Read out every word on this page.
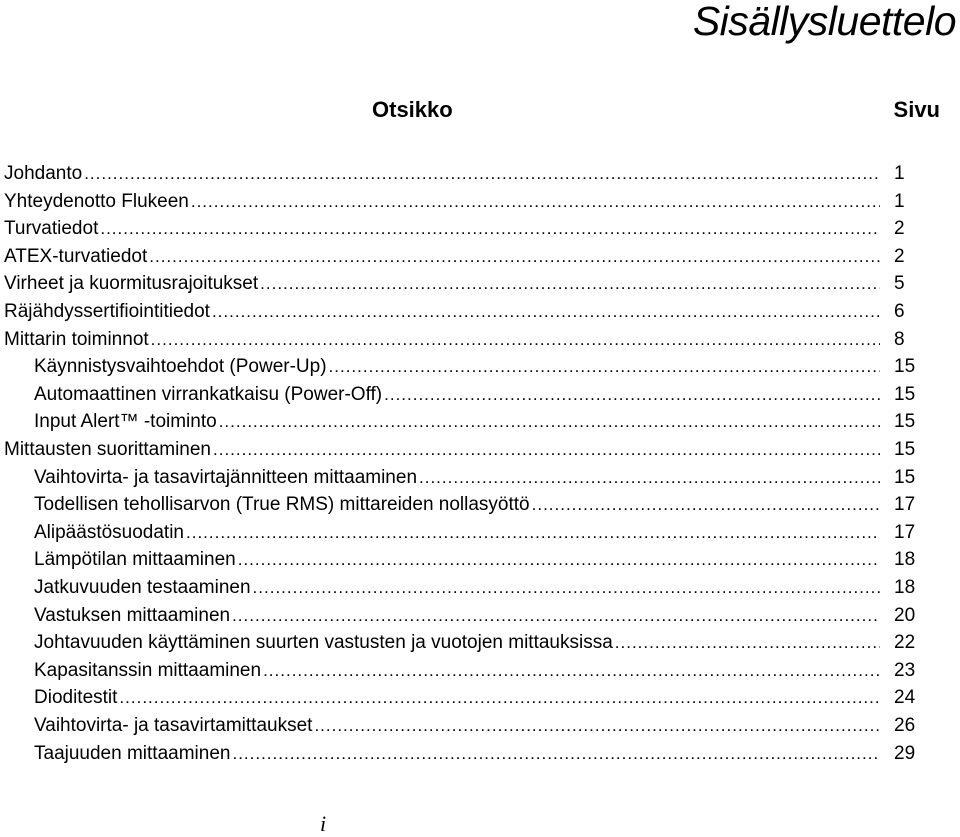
Sisällysluettelo
Otsikko	Sivu
Johdanto .....	1
Yhteydenotto Flukeen .....	1
Turvatiedot .....	2
ATEX-turvatiedot .....	2
Virheet ja kuormitusrajoitukset .....	5
Räjähdyssertifiointitiedot .....	6
Mittarin toiminnot .....	8
Käynnistysvaihtoehdot (Power-Up) .....	15
Automaattinen virrankatkaisu (Power-Off) .....	15
Input Alert™ -toiminto .....	15
Mittausten suorittaminen .....	15
Vaihtovirta- ja tasavirtajännitteen mittaaminen .....	15
Todellisen tehollisarvon (True RMS) mittareiden nollasyöttö .....	17
Alipäästösuodatin .....	17
Lämpötilan mittaaminen .....	18
Jatkuvuuden testaaminen .....	18
Vastuksen mittaaminen .....	20
Johtavuuden käyttäminen suurten vastusten ja vuotojen mittauksissa .....	22
Kapasitanssin mittaaminen .....	23
Dioditestit .....	24
Vaihtovirta- ja tasavirtamittaukset .....	26
Taajuuden mittaaminen .....	29
i
